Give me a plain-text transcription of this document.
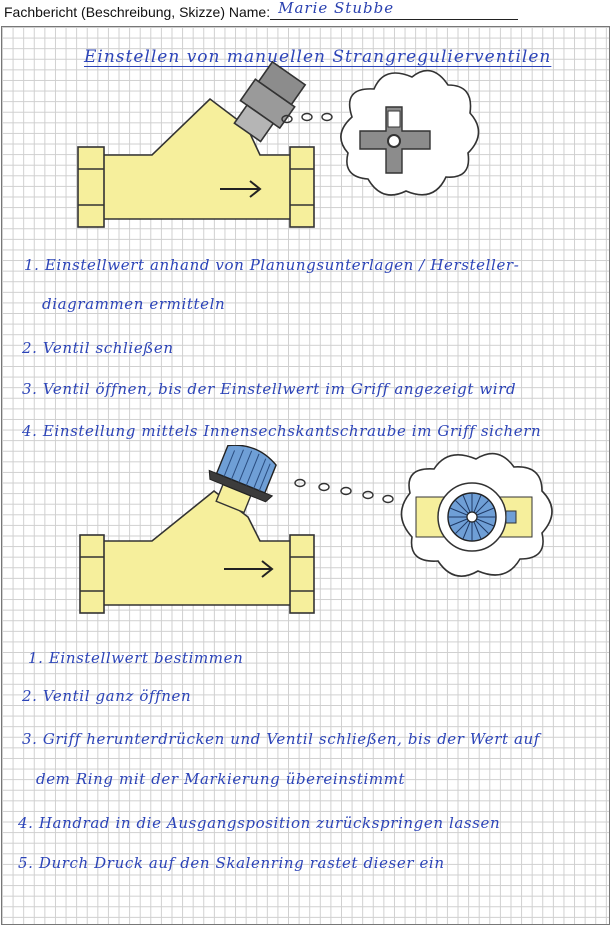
Fachbericht (Beschreibung, Skizze) Name: Marie Stubbe
Einstellen von manuellen Strangregulierventilen
1. Einstellwert anhand von Planungsunterlagen / Hersteller-
diagrammen ermitteln
2. Ventil schließen
3. Ventil öffnen, bis der Einstellwert im Griff angezeigt wird
4. Einstellung mittels Innensechskantschraube im Griff sichern
1. Einstellwert bestimmen
2. Ventil ganz öffnen
3. Griff herunterdrücken und Ventil schließen, bis der Wert auf
dem Ring mit der Markierung übereinstimmt
4. Handrad in die Ausgangsposition zurückspringen lassen
5. Durch Druck auf den Skalenring rastet dieser ein
